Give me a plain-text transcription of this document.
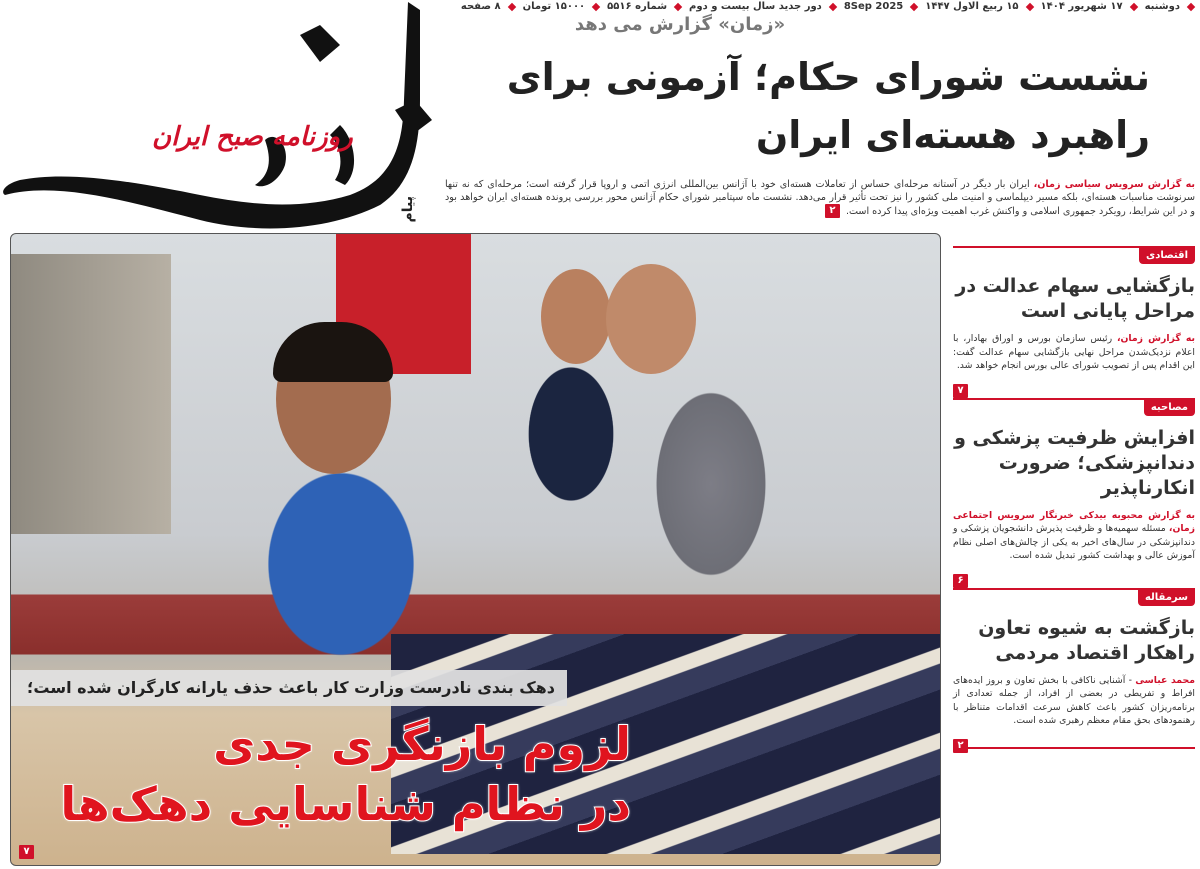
روزنامه صبح ایران
پیام
دوشنبه
۱۷ شهریور ۱۴۰۴
۱۵ ربیع الاول ۱۴۴۷
8Sep 2025
دور جدید سال بیست و دوم
شماره ۵۵۱۶
۱۵۰۰۰ تومان
۸ صفحه
«زمان» گزارش می دهد
نشست شورای حکام؛ آزمونی برای
راهبرد هسته‌ای ایران
به گزارش سرویس سیاسی زمان، ایران بار دیگر در آستانه مرحله‌ای حساس از تعاملات هسته‌ای خود با آژانس بین‌المللی انرژی اتمی و اروپا قرار گرفته است؛ مرحله‌ای که نه تنها سرنوشت مناسبات هسته‌ای، بلکه مسیر دیپلماسی و امنیت ملی کشور را نیز تحت تأثیر قرار می‌دهد. نشست ماه سپتامبر شورای حکام آژانس محور بررسی پرونده هسته‌ای ایران خواهد بود و در این شرایط، رویکرد جمهوری اسلامی و واکنش غرب اهمیت ویژه‌ای پیدا کرده است.۲
دهک بندی نادرست وزارت کار باعث حذف یارانه کارگران شده است؛
لزوم بازنگری جدی
در نظام شناسایی دهک‌ها
۷
اقتصادی
بازگشایی سهام عدالت در مراحل پایانی است
به گزارش زمان، رئیس سازمان بورس و اوراق بهادار، با اعلام نزدیک‌شدن مراحل نهایی بازگشایی سهام عدالت گفت: این اقدام پس از تصویب شورای عالی بورس انجام خواهد شد.
۷
مصاحبه
افزایش ظرفیت پزشکی و دندانپزشکی؛ ضرورت انکارناپذیر
به گزارش محبوبه بیدکی خبرنگار سرویس اجتماعی زمان، مسئله سهمیه‌ها و ظرفیت پذیرش دانشجویان پزشکی و دندانپزشکی در سال‌های اخیر به یکی از چالش‌های اصلی نظام آموزش عالی و بهداشت کشور تبدیل شده است.
۶
سرمقاله
بازگشت به شیوه تعاون راهکار اقتصاد مردمی
محمد عباسی - آشنایی ناکافی با بخش تعاون و بروز ایده‌های افراط و تفریطی در بعضی از افراد، از جمله تعدادی از برنامه‌ریزان کشور باعث کاهش سرعت اقدامات متناظر با رهنمودهای بحق مقام معظم رهبری شده است.
۲
